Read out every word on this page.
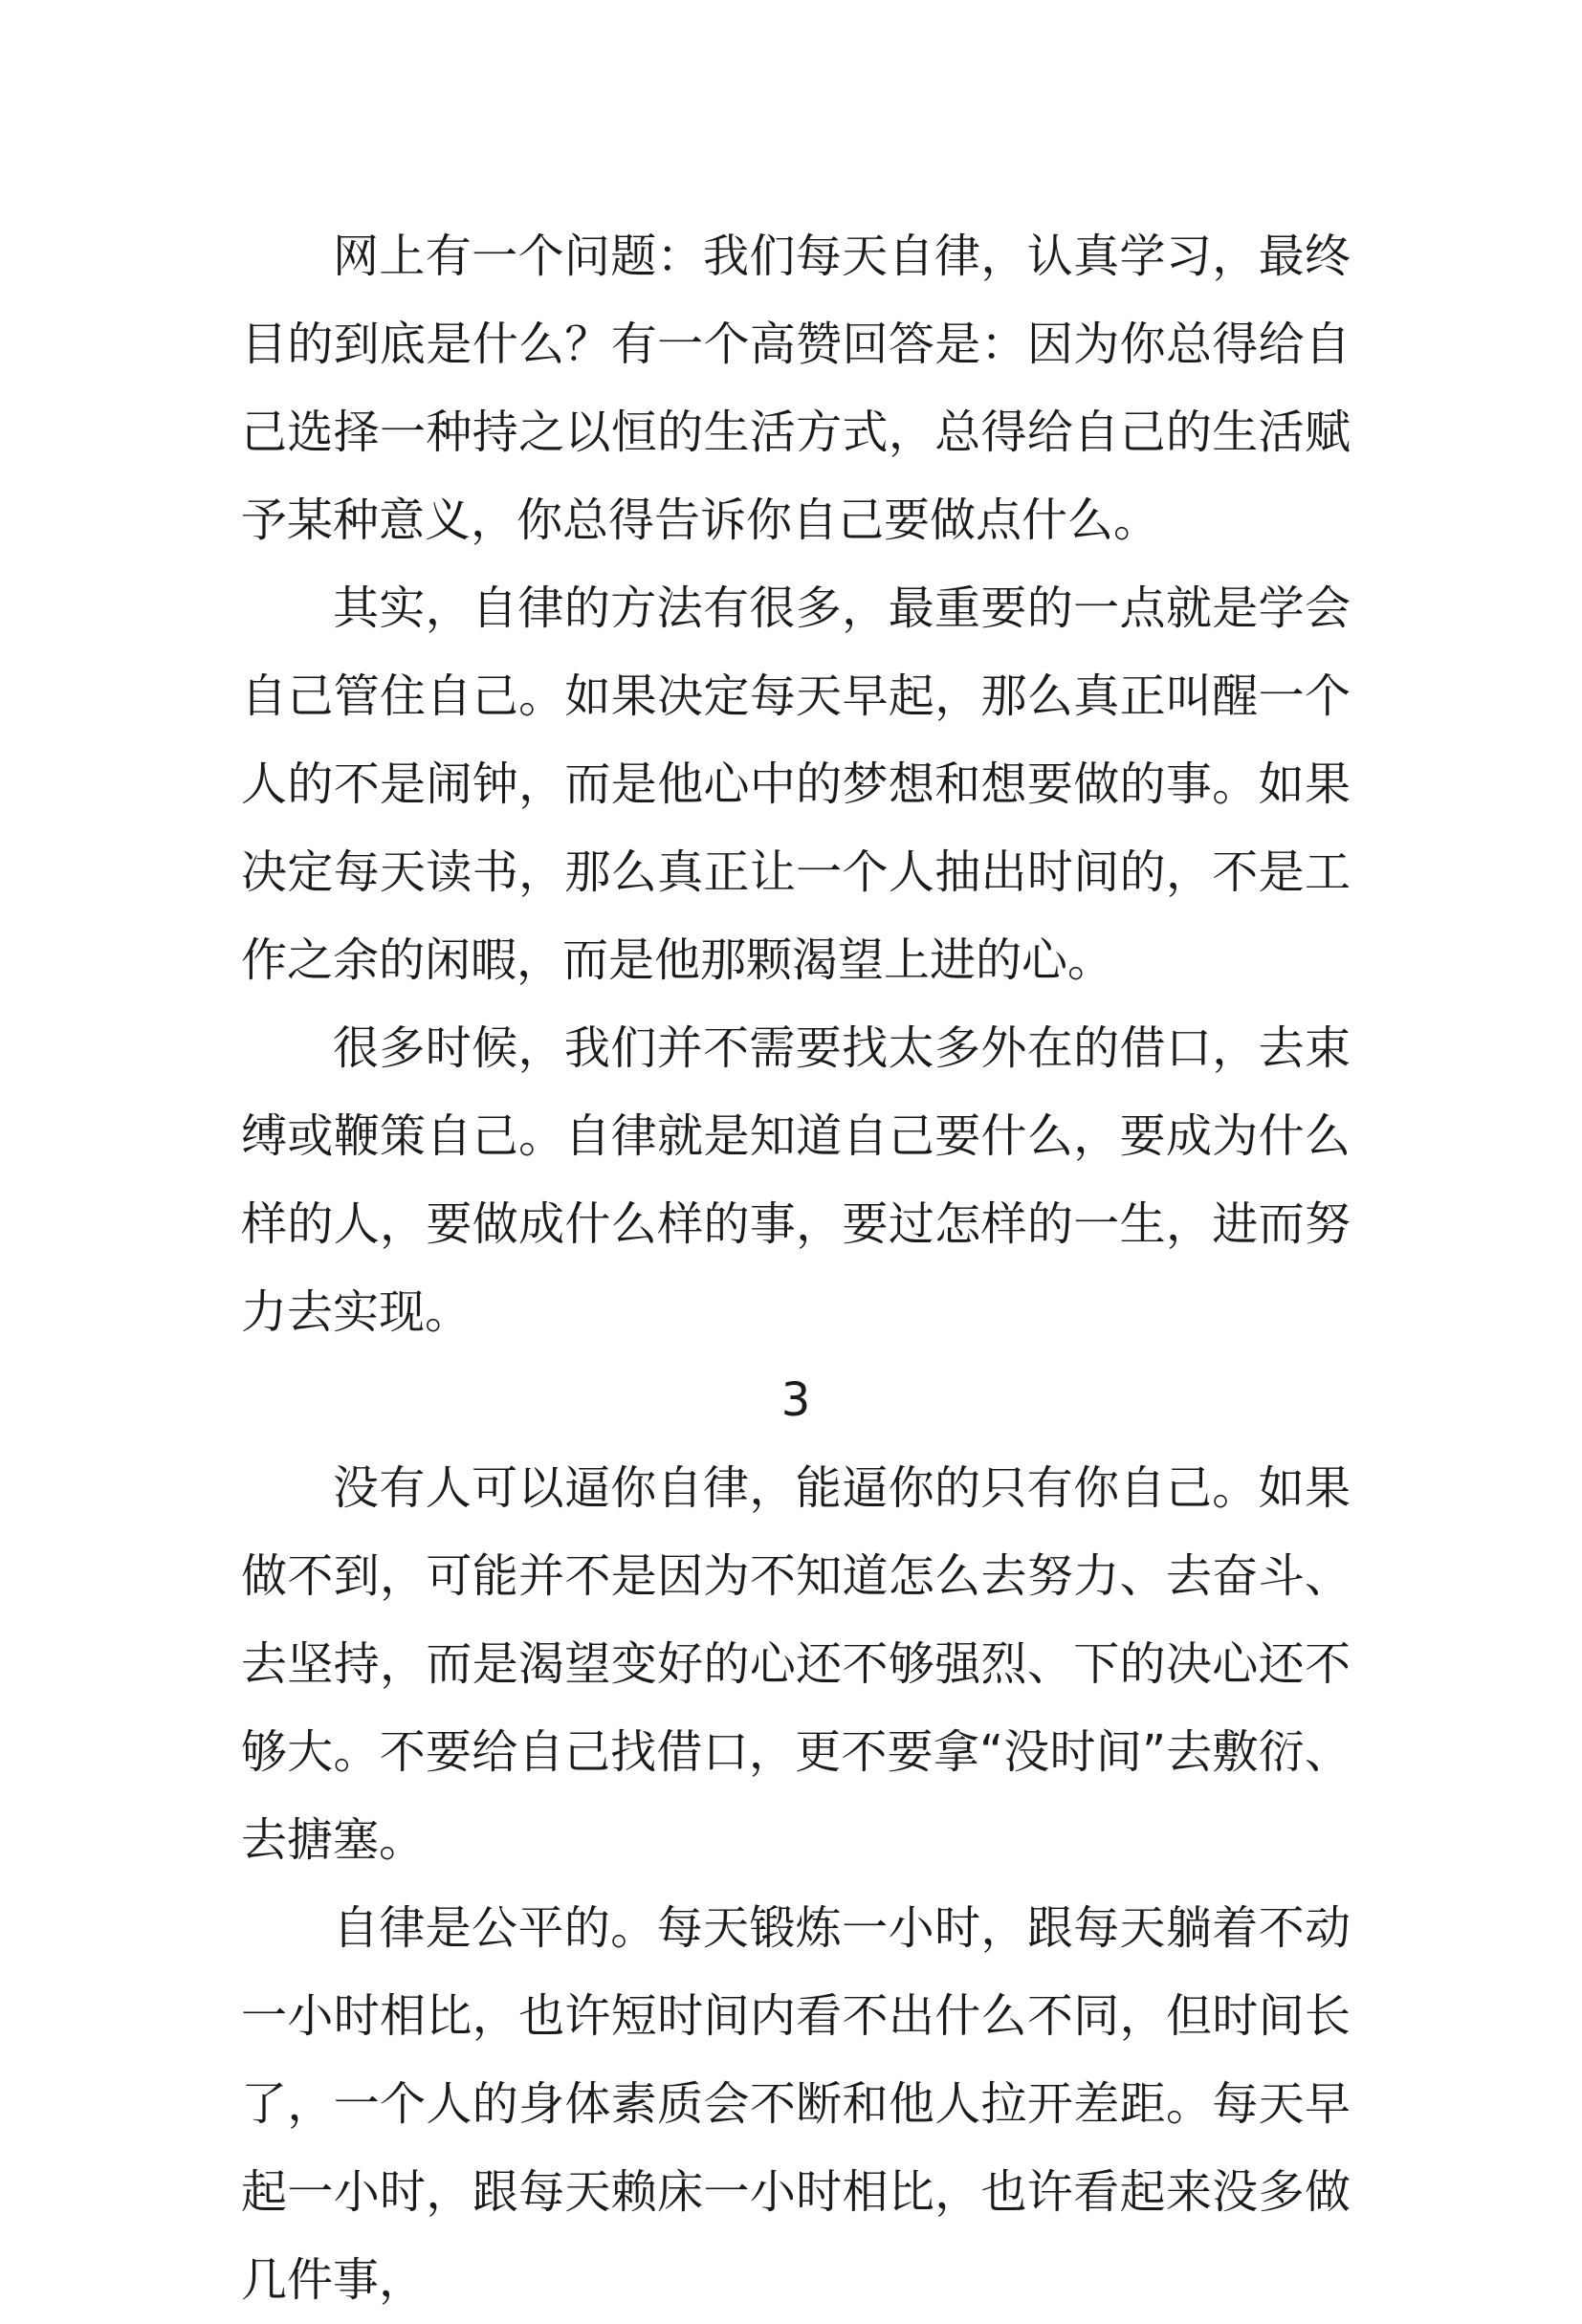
网上有一个问题：我们每天自律，认真学习，最终目的到底是什么？有一个高赞回答是：因为你总得给自己选择一种持之以恒的生活方式，总得给自己的生活赋予某种意义，你总得告诉你自己要做点什么。

其实，自律的方法有很多，最重要的一点就是学会自己管住自己。如果决定每天早起，那么真正叫醒一个人的不是闹钟，而是他心中的梦想和想要做的事。如果决定每天读书，那么真正让一个人抽出时间的，不是工作之余的闲暇，而是他那颗渴望上进的心。

很多时候，我们并不需要找太多外在的借口，去束缚或鞭策自己。自律就是知道自己要什么，要成为什么样的人，要做成什么样的事，要过怎样的一生，进而努力去实现。

3

没有人可以逼你自律，能逼你的只有你自己。如果做不到，可能并不是因为不知道怎么去努力、去奋斗、去坚持，而是渴望变好的心还不够强烈、下的决心还不够大。不要给自己找借口，更不要拿“没时间”去敷衍、去搪塞。

自律是公平的。每天锻炼一小时，跟每天躺着不动一小时相比，也许短时间内看不出什么不同，但时间长了，一个人的身体素质会不断和他人拉开差距。每天早起一小时，跟每天赖床一小时相比，也许看起来没多做几件事，
